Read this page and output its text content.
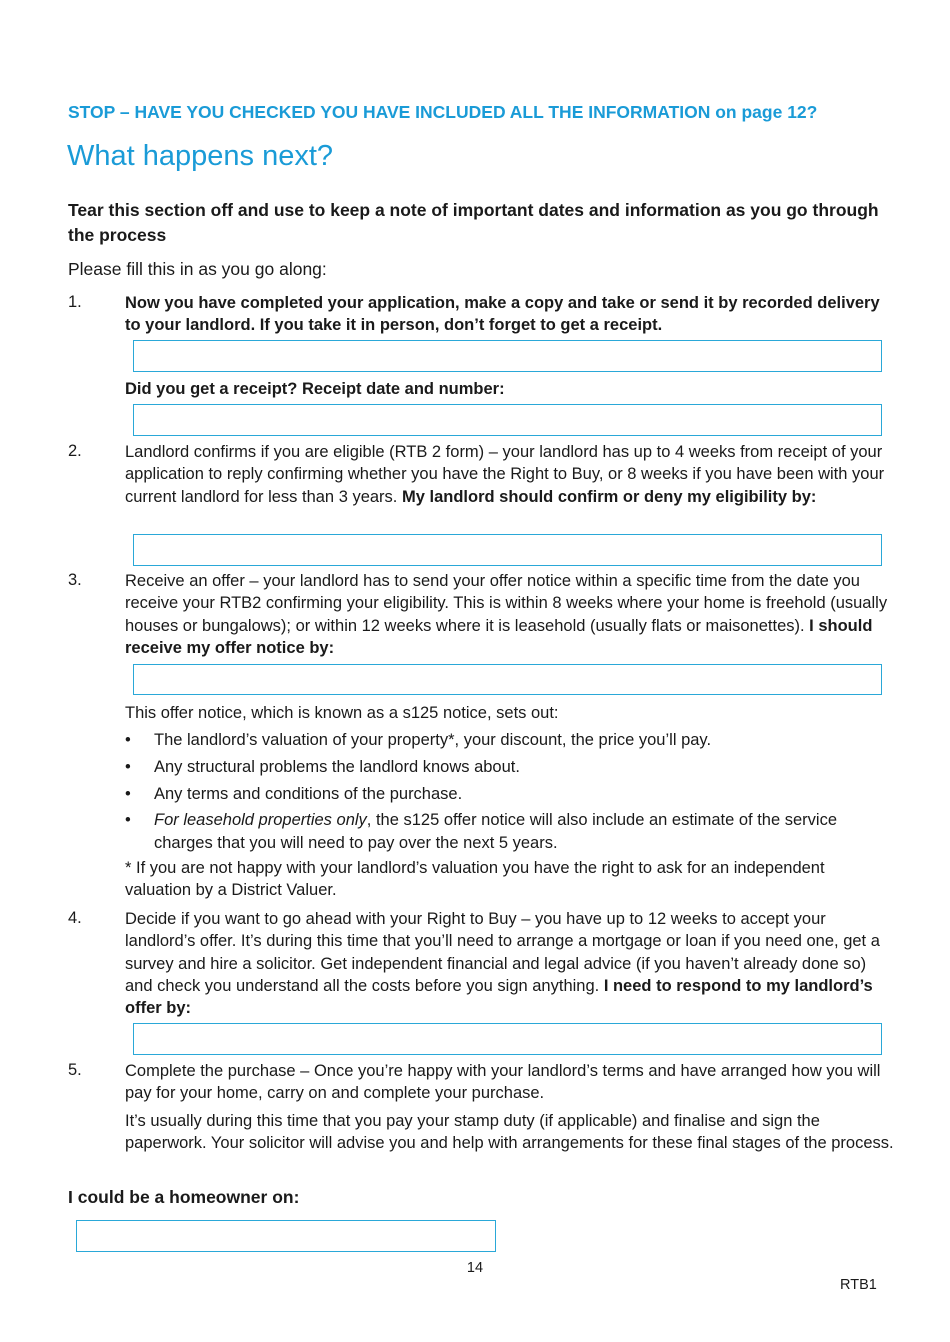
STOP – HAVE YOU CHECKED YOU HAVE INCLUDED ALL THE INFORMATION on page 12?
What happens next?
Tear this section off and use to keep a note of important dates and information as you go through the process
Please fill this in as you go along:
1.	Now you have completed your application, make a copy and take or send it by recorded delivery to your landlord. If you take it in person, don’t forget to get a receipt.
Did you get a receipt? Receipt date and number:
2.	Landlord confirms if you are eligible (RTB 2 form) – your landlord has up to 4 weeks from receipt of your application to reply confirming whether you have the Right to Buy, or 8 weeks if you have been with your current landlord for less than 3 years. My landlord should confirm or deny my eligibility by:
3.	Receive an offer – your landlord has to send your offer notice within a specific time from the date you receive your RTB2 confirming your eligibility. This is within 8 weeks where your home is freehold (usually houses or bungalows); or within 12 weeks where it is leasehold (usually flats or maisonettes). I should receive my offer notice by:
This offer notice, which is known as a s125 notice, sets out:
• The landlord’s valuation of your property*, your discount, the price you’ll pay.
• Any structural problems the landlord knows about.
• Any terms and conditions of the purchase.
• For leasehold properties only, the s125 offer notice will also include an estimate of the service charges that you will need to pay over the next 5 years.
* If you are not happy with your landlord’s valuation you have the right to ask for an independent valuation by a District Valuer.
4.	Decide if you want to go ahead with your Right to Buy – you have up to 12 weeks to accept your landlord’s offer. It’s during this time that you’ll need to arrange a mortgage or loan if you need one, get a survey and hire a solicitor. Get independent financial and legal advice (if you haven’t already done so) and check you understand all the costs before you sign anything. I need to respond to my landlord’s offer by:
5.	Complete the purchase – Once you’re happy with your landlord’s terms and have arranged how you will pay for your home, carry on and complete your purchase.
It’s usually during this time that you pay your stamp duty (if applicable) and finalise and sign the paperwork. Your solicitor will advise you and help with arrangements for these final stages of the process.
I could be a homeowner on:
14
RTB1
